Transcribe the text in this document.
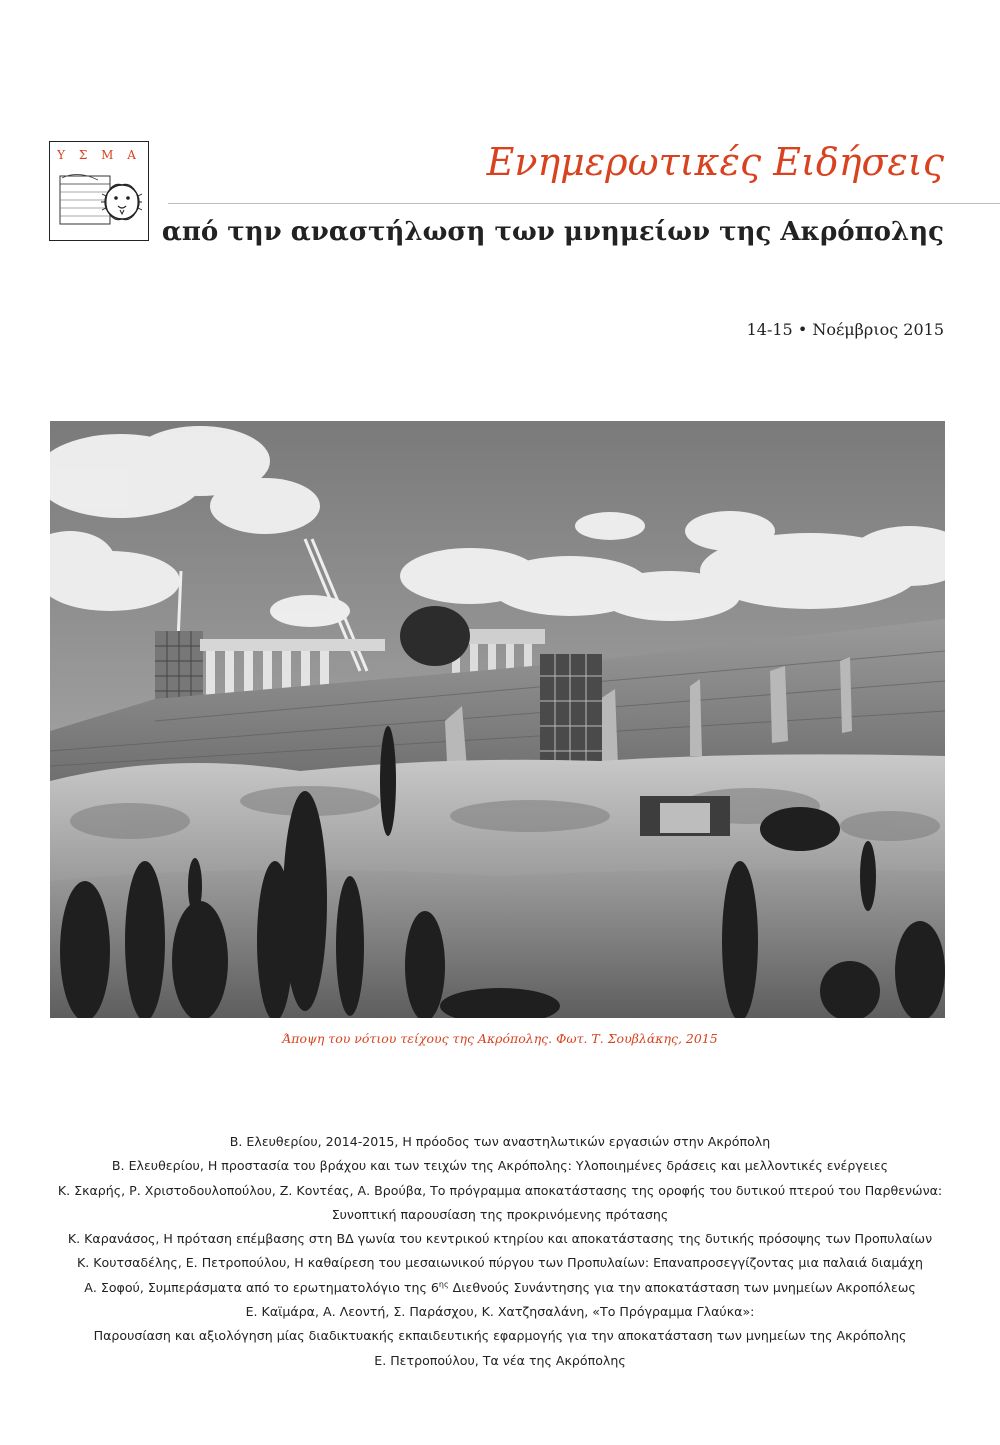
Υ Σ Μ Α	Ενημερωτικές Ειδήσεις
από την αναστήλωση των μνημείων της Ακρόπολης
14-15 • Νοέμβριος 2015
Άποψη του νότιου τείχους της Ακρόπολης. Φωτ. Τ. Σουβλάκης, 2015
Β. Ελευθερίου, 2014-2015, Η πρόοδος των αναστηλωτικών εργασιών στην Ακρόπολη
Β. Ελευθερίου, Η προστασία του βράχου και των τειχών της Ακρόπολης: Υλοποιημένες δράσεις και μελλοντικές ενέργειες
Κ. Σκαρής, Ρ. Χριστοδουλοπούλου, Ζ. Κοντέας, Α. Βρούβα, Το πρόγραμμα αποκατάστασης της οροφής του δυτικού πτερού του Παρθενώνα:
Συνοπτική παρουσίαση της προκρινόμενης πρότασης
Κ. Καρανάσος, Η πρόταση επέμβασης στη ΒΔ γωνία του κεντρικού κτηρίου και αποκατάστασης της δυτικής πρόσοψης των Προπυλαίων
Κ. Κουτσαδέλης, Ε. Πετροπούλου, Η καθαίρεση του μεσαιωνικού πύργου των Προπυλαίων: Επαναπροσεγγίζοντας μια παλαιά διαμάχη
Α. Σοφού, Συμπεράσματα από το ερωτηματολόγιο της $6^{\eta\varsigma}$ Διεθνούς Συνάντησης για την αποκατάσταση των μνημείων Ακροπόλεως
Ε. Καϊμάρα, Α. Λεοντή, Σ. Παράσχου, Κ. Χατζησαλάνη, «Το Πρόγραμμα Γλαύκα»:
Παρουσίαση και αξιολόγηση μίας διαδικτυακής εκπαιδευτικής εφαρμογής για την αποκατάσταση των μνημείων της Ακρόπολης
Ε. Πετροπούλου, Τα νέα της Ακρόπολης
